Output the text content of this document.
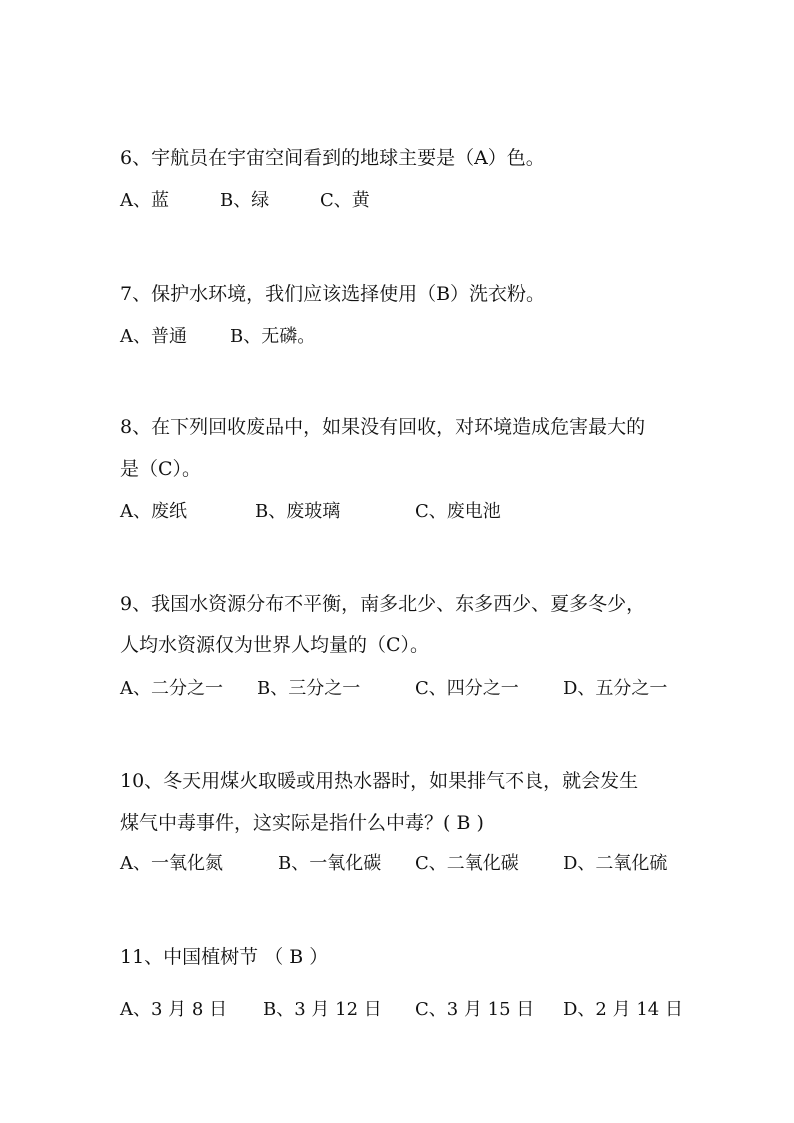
6、宇航员在宇宙空间看到的地球主要是（A）色。
A、蓝	B、绿	C、黄
7、保护水环境，我们应该选择使用（B）洗衣粉。
A、普通 B、无磷。
8、在下列回收废品中，如果没有回收，对环境造成危害最大的
是（C）。
A、废纸	B、废玻璃	C、废电池
9、我国水资源分布不平衡，南多北少、东多西少、夏多冬少，
人均水资源仅为世界人均量的（C）。
A、二分之一 B、三分之一	C、四分之一 D、五分之一
10、冬天用煤火取暖或用热水器时，如果排气不良，就会发生
煤气中毒事件，这实际是指什么中毒？( B )
A、一氧化氮	B、一氧化碳 C、二氧化碳 D、二氧化硫
11、中国植树节 （ B ）
A、3 月 8 日 B、3 月 12 日 C、3 月 15 日 D、2 月 14 日
